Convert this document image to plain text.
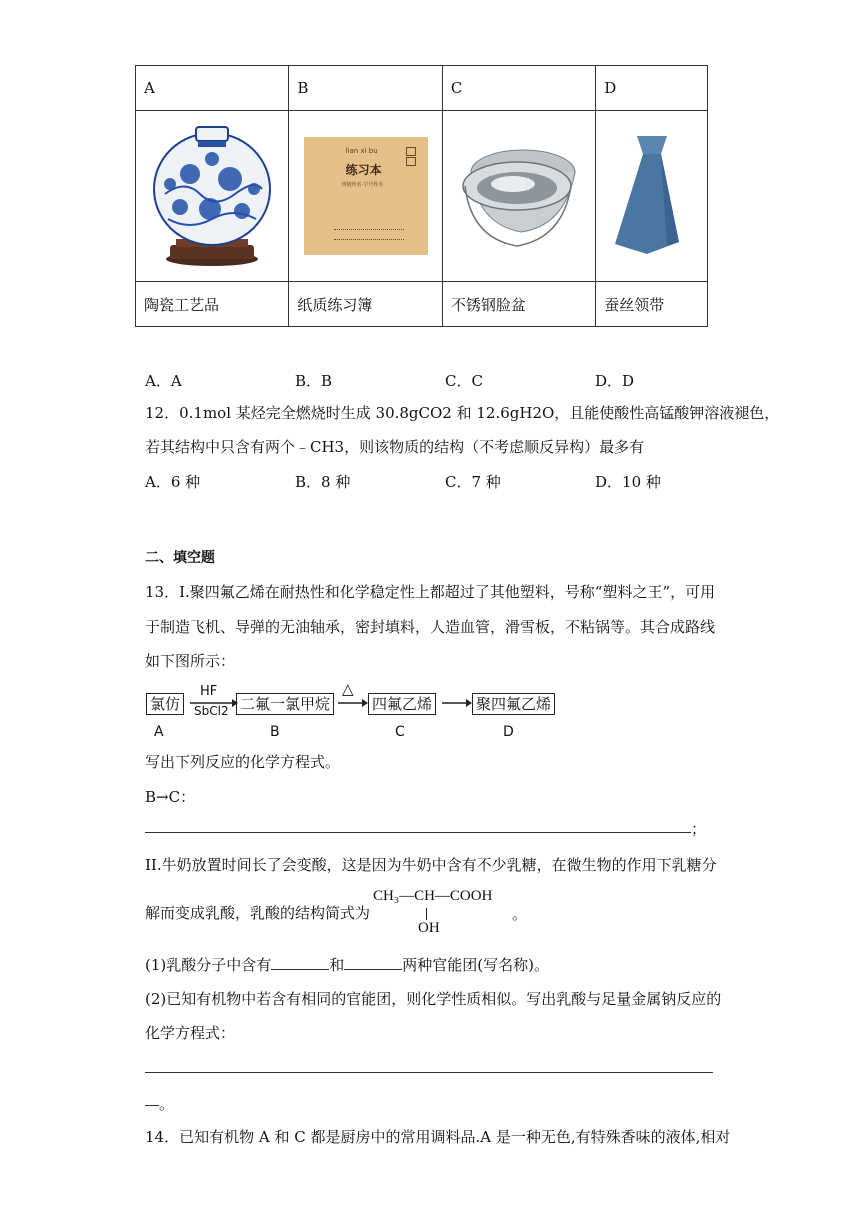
A	B	C	D

lian xi bu
练习本
班级姓名·学号姓名

陶瓷工艺品	纸质练习簿	不锈钢脸盆	蚕丝领带
A．A	B．B	C．C	D．D
12．0.1mol 某烃完全燃烧时生成 30.8gCO2 和 12.6gH2O，且能使酸性高锰酸钾溶液褪色，
若其结构中只含有两个﹣CH3，则该物质的结构（不考虑顺反异构）最多有
A．6 种	B．8 种	C．7 种	D．10 种
二、填空题
13．I.聚四氟乙烯在耐热性和化学稳定性上都超过了其他塑料，号称“塑料之王”，可用
于制造飞机、导弹的无油轴承，密封填料，人造血管，滑雪板，不粘锅等。其合成路线
如下图所示：
氯仿
HF
SbCl2 二氟一氯甲烷
△
四氟乙烯	聚四氟乙烯
A	B	C	D
写出下列反应的化学方程式。
B→C：
；
II.牛奶放置时间长了会变酸，这是因为牛奶中含有不少乳糖，在微生物的作用下乳糖分
解而变成乳酸，乳酸的结构简式为
CH₃—CH—COOH
OH
。
(1)乳酸分子中含有	和	两种官能团(写名称)。
(2)已知有机物中若含有相同的官能团，则化学性质相似。写出乳酸与足量金属钠反应的
化学方程式：
。
14．已知有机物 A 和 C 都是厨房中的常用调料品.A 是一种无色,有特殊香味的液体,相对
